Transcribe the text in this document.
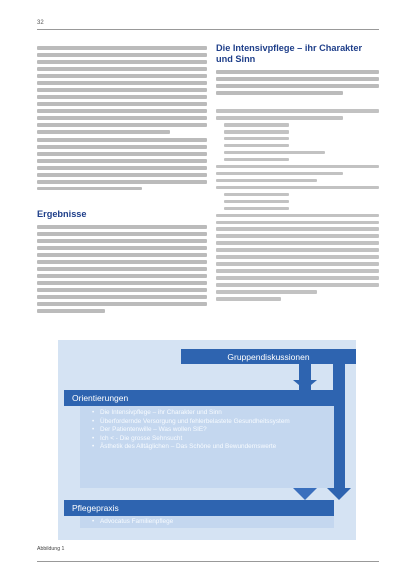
32
Ergebnisse
Die Intensivpflege – ihr Charakter und Sinn
Gruppendiskussionen
Orientierungen
• Die Intensivpflege – ihr Charakter und Sinn
• Überfordernde Versorgung und fehlerbelastete Gesundheitssystem
• Der Patientenwille – Was wollen SIE?
• Ich < - Die grosse Sehnsucht
• Ästhetik des Alltäglichen – Das Schöne und Bewundernswerte
Pflegepraxis
• Advocatus Familienpflege
Abbildung 1
